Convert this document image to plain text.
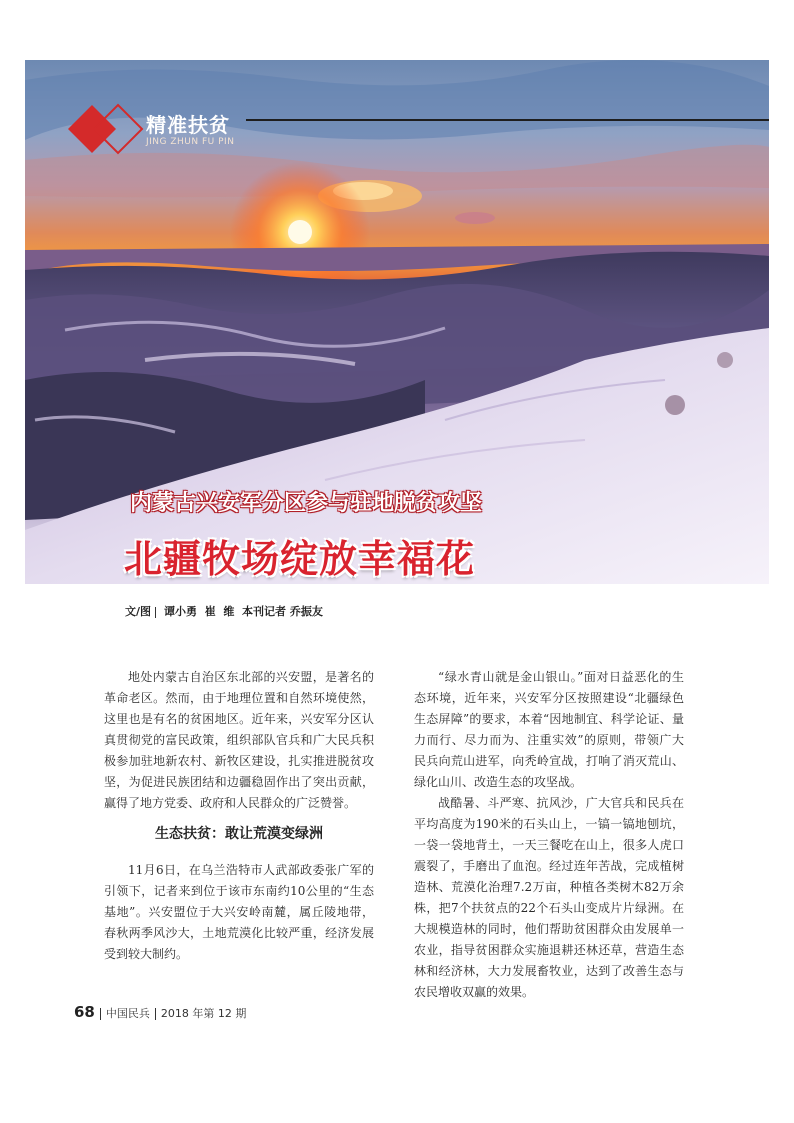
精准扶贫
JING ZHUN FU PIN
内蒙古兴安军分区参与驻地脱贫攻坚
北疆牧场绽放幸福花
文/图 谭小勇  崔  维  本刊记者 乔振友

地处内蒙古自治区东北部的兴安盟，是著名的革命老区。然而，由于地理位置和自然环境使然，这里也是有名的贫困地区。近年来，兴安军分区认真贯彻党的富民政策，组织部队官兵和广大民兵积极参加驻地新农村、新牧区建设，扎实推进脱贫攻坚，为促进民族团结和边疆稳固作出了突出贡献，赢得了地方党委、政府和人民群众的广泛赞誉。

生态扶贫：敢让荒漠变绿洲

11月6日，在乌兰浩特市人武部政委张广军的引领下，记者来到位于该市东南约10公里的“生态基地”。兴安盟位于大兴安岭南麓，属丘陵地带，春秋两季风沙大，土地荒漠化比较严重，经济发展受到较大制约。

“绿水青山就是金山银山。”面对日益恶化的生态环境，近年来，兴安军分区按照建设“北疆绿色生态屏障”的要求，本着“因地制宜、科学论证、量力而行、尽力而为、注重实效”的原则，带领广大民兵向荒山进军，向秃岭宣战，打响了消灭荒山、绿化山川、改造生态的攻坚战。

战酷暑、斗严寒、抗风沙，广大官兵和民兵在平均高度为190米的石头山上，一镐一镐地刨坑，一袋一袋地背土，一天三餐吃在山上，很多人虎口震裂了，手磨出了血泡。经过连年苦战，完成植树造林、荒漠化治理7.2万亩，种植各类树木82万余株，把7个扶贫点的22个石头山变成片片绿洲。在大规模造林的同时，他们帮助贫困群众由发展单一农业，指导贫困群众实施退耕还林还草，营造生态林和经济林，大力发展畜牧业，达到了改善生态与农民增收双赢的效果。

68 中国民兵 2018 年第 12 期
